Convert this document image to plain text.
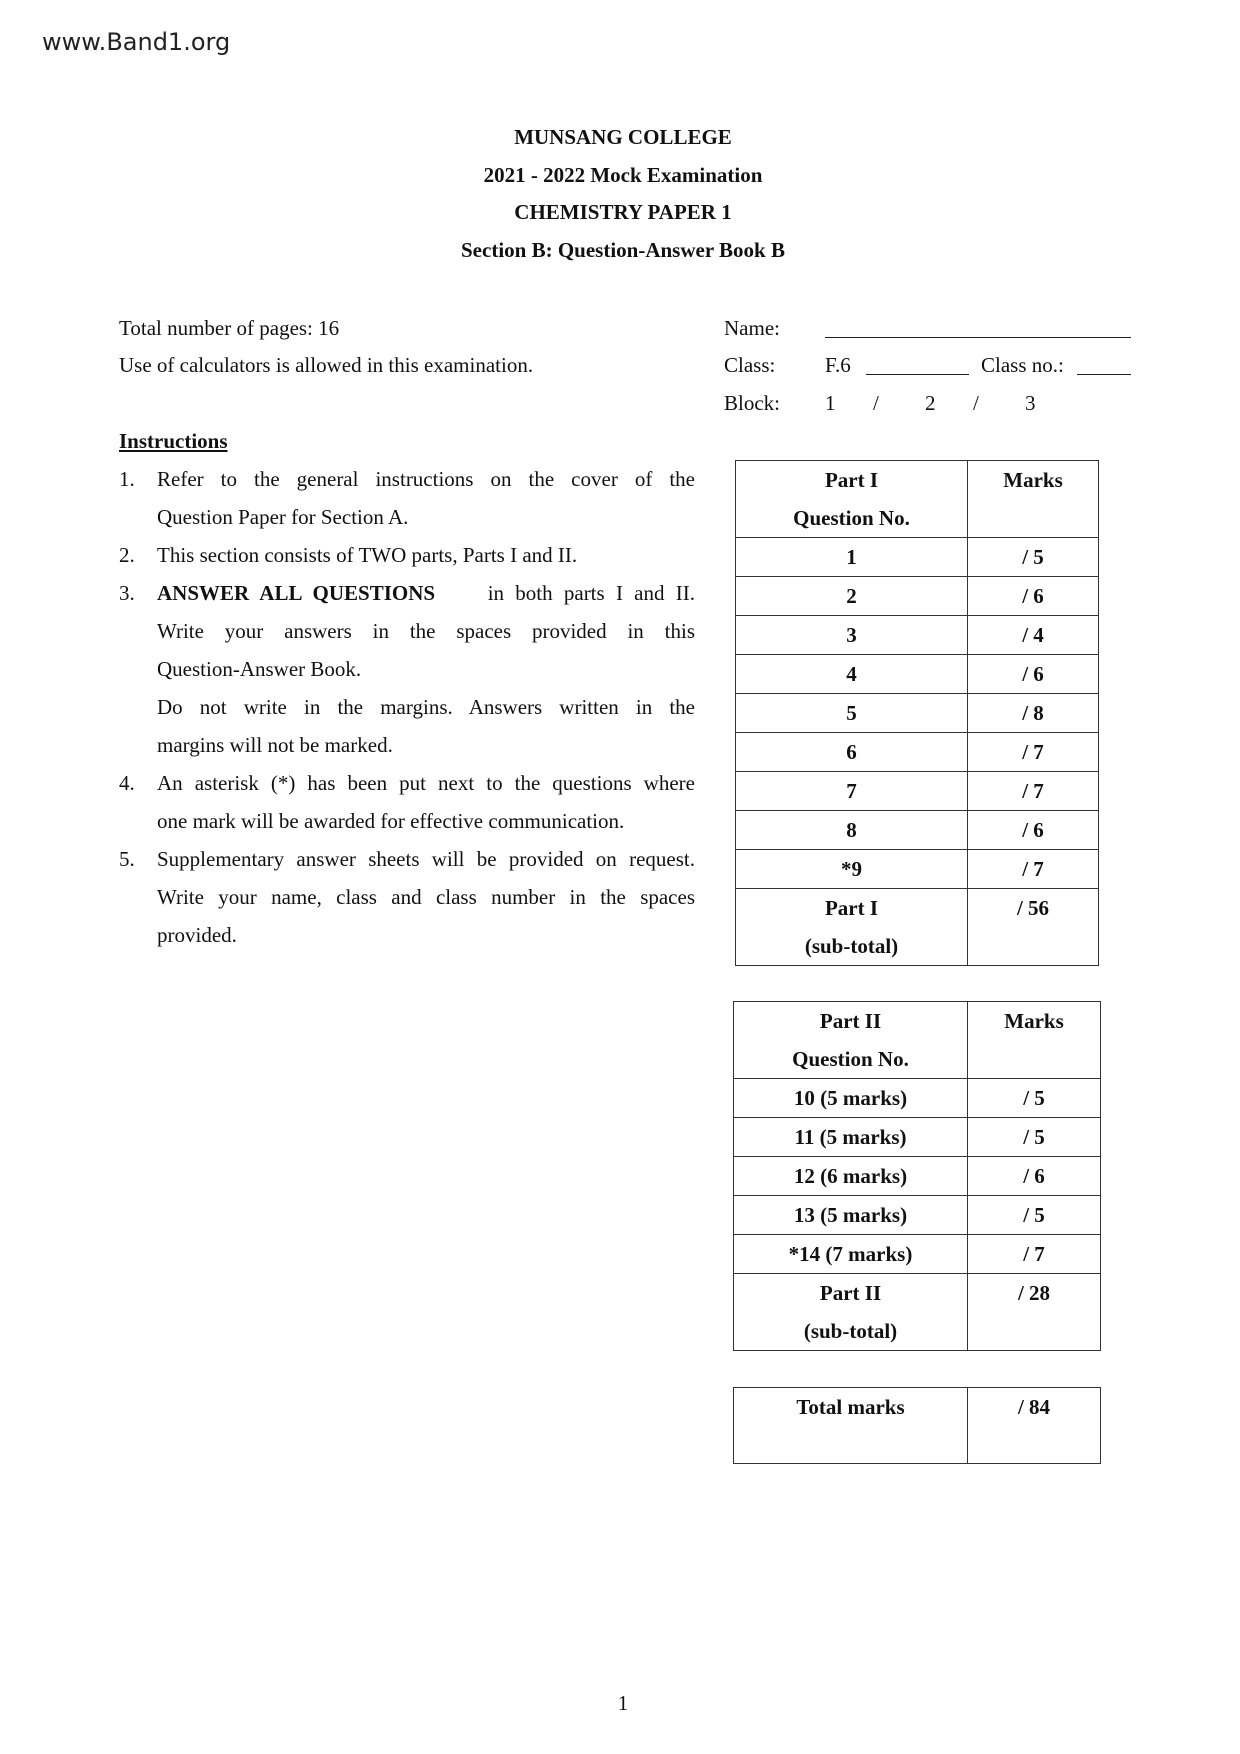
www.Band1.org
MUNSANG COLLEGE
2021 - 2022 Mock Examination
CHEMISTRY PAPER 1
Section B: Question-Answer Book B
Total number of pages: 16
Use of calculators is allowed in this examination.
Name:
Class: F.6	Class no.:
Block: 1 / 2 / 3
Instructions
1. Refer to the general instructions on the cover of the
Question Paper for Section A.
2. This section consists of TWO parts, Parts I and II.
3. ANSWER ALL QUESTIONS	in both parts I and II.
Write your answers in the spaces provided in this
Question-Answer Book.
Do not write in the margins. Answers written in the
margins will not be marked.
4. An asterisk (*) has been put next to the questions where
one mark will be awarded for effective communication.
5. Supplementary answer sheets will be provided on request.
Write your name, class and class number in the spaces
provided.
Part I
Question No.	Marks
1	/ 5
2	/ 6
3	/ 4
4	/ 6
5	/ 8
6	/ 7
7	/ 7
8	/ 6
*9	/ 7

Part I
(sub-total)	/ 56
Part II
Question No.	Marks
10 (5 marks)	/ 5
11 (5 marks)	/ 5
12 (6 marks)	/ 6
13 (5 marks)	/ 5
*14 (7 marks)	/ 7

Part II
(sub-total)	/ 28
Total marks	/ 84
1
